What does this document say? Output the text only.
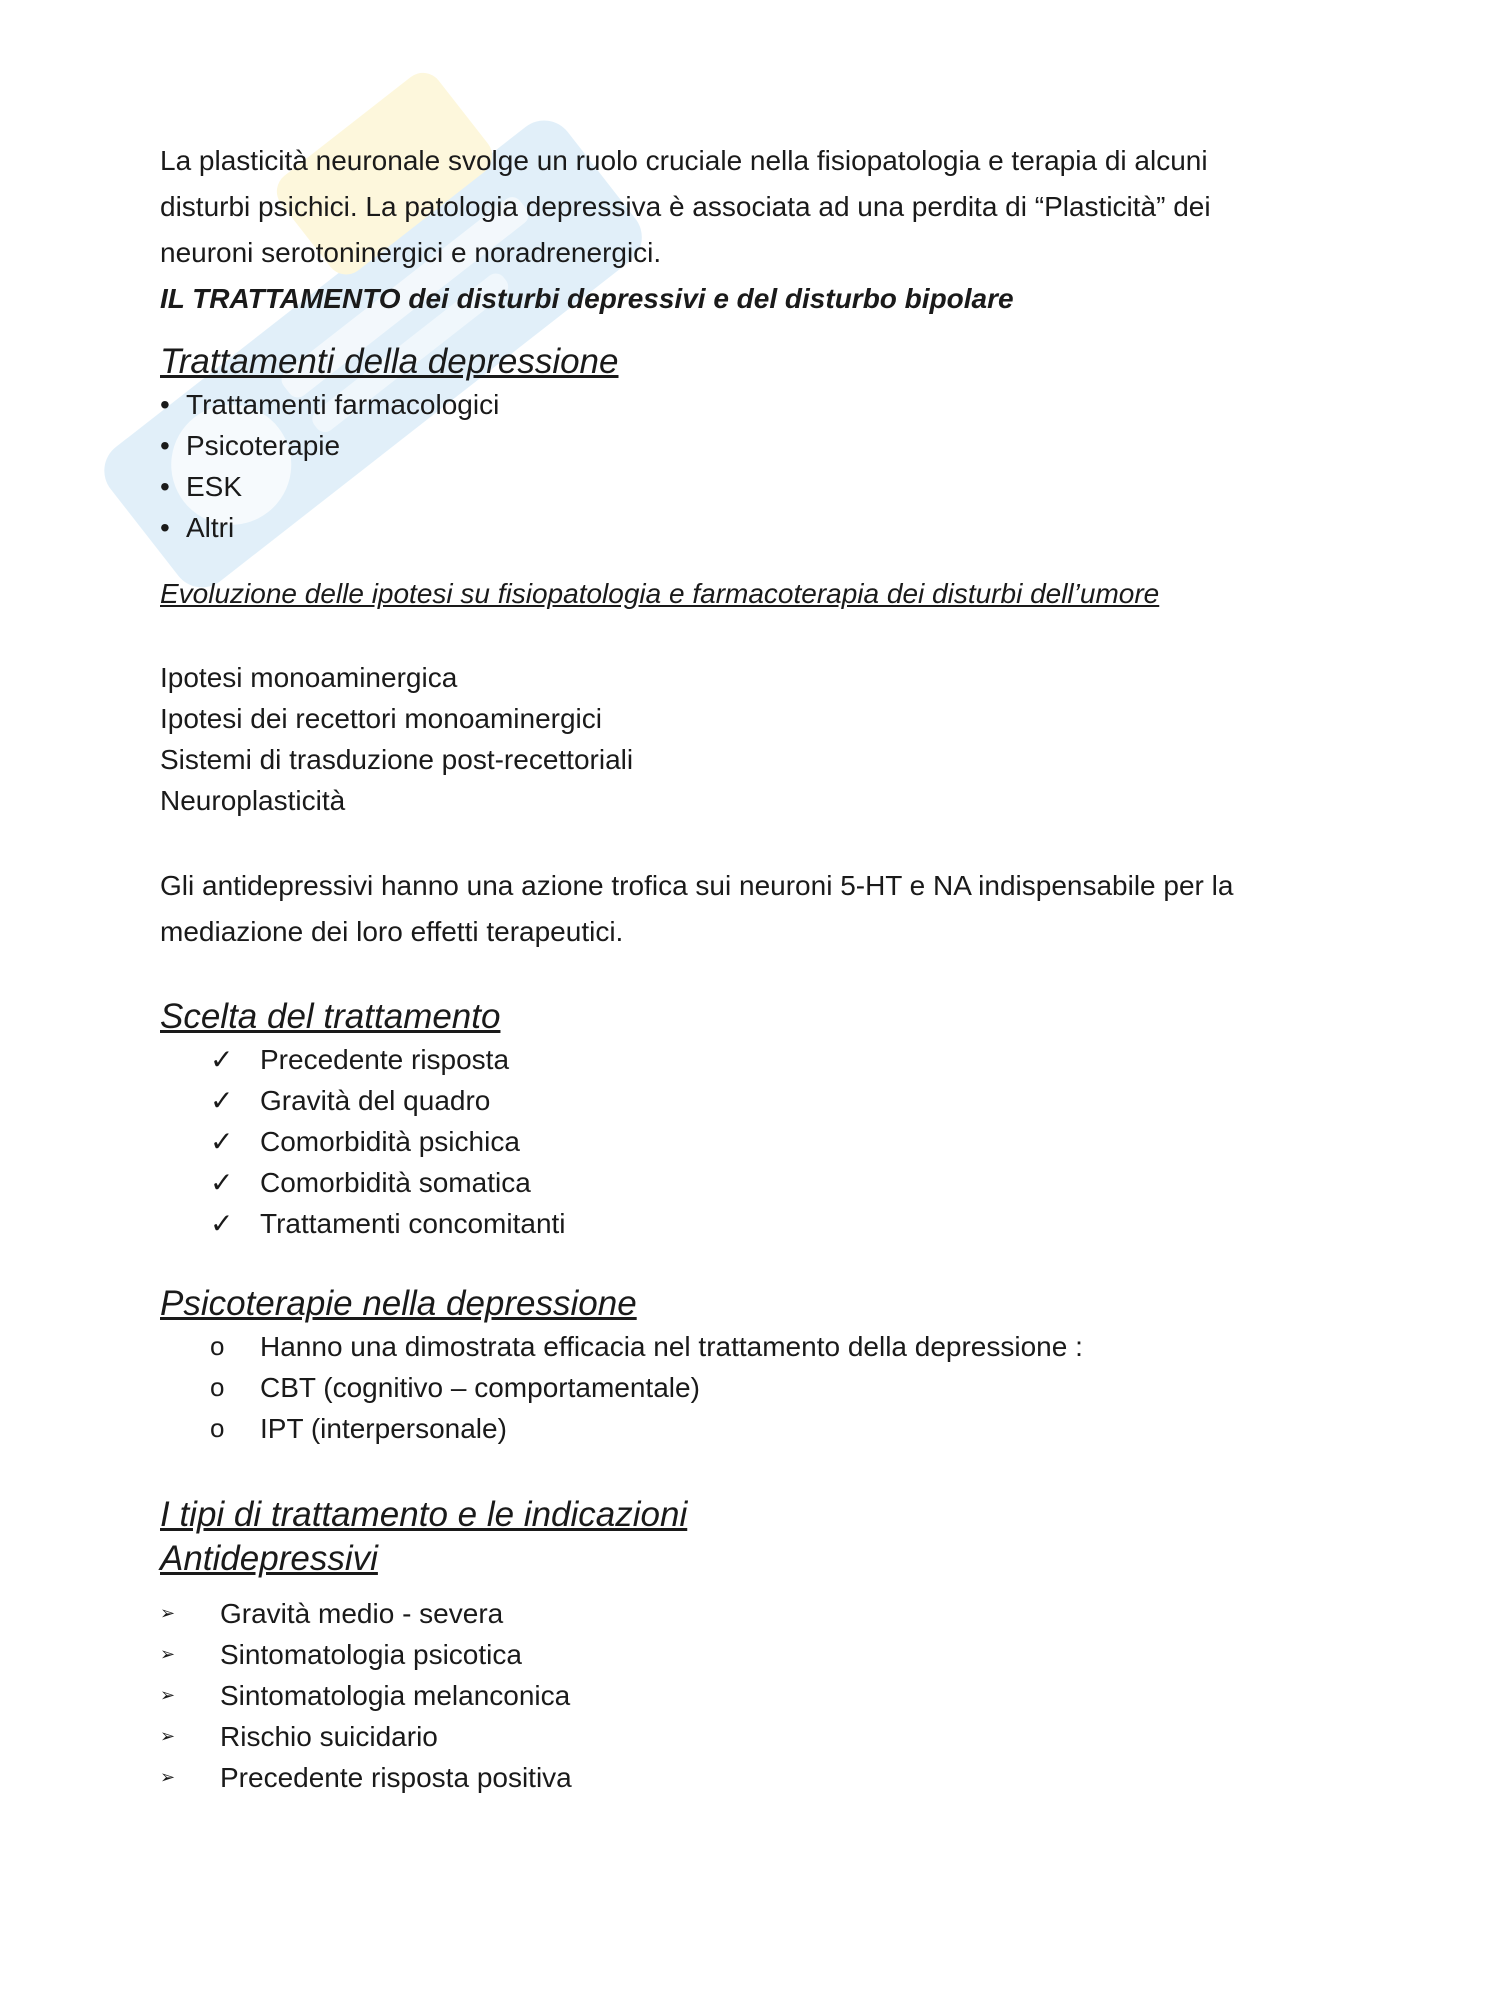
La plasticità neuronale svolge un ruolo cruciale nella fisiopatologia e terapia di alcuni

disturbi psichici. La patologia depressiva è associata ad una perdita di “Plasticità” dei

neuroni serotoninergici e noradrenergici.

IL TRATTAMENTO dei disturbi depressivi e del disturbo bipolare

Trattamenti della depressione

• Trattamenti farmacologici
• Psicoterapie
• ESK
• Altri

Evoluzione delle ipotesi su fisiopatologia e farmacoterapia dei disturbi dell’umore

Ipotesi monoaminergica
Ipotesi dei recettori monoaminergici
Sistemi di trasduzione post-recettoriali
Neuroplasticità

Gli antidepressivi hanno una azione trofica sui neuroni 5-HT e NA indispensabile per la

mediazione dei loro effetti terapeutici.

Scelta del trattamento

✓ Precedente risposta
✓ Gravità del quadro
✓ Comorbidità psichica
✓ Comorbidità somatica
✓ Trattamenti concomitanti

Psicoterapie nella depressione

o	Hanno una dimostrata efficacia nel trattamento della depressione :
o	CBT (cognitivo – comportamentale)
o	IPT (interpersonale)

I tipi di trattamento e le indicazioni

Antidepressivi

➢	Gravità medio - severa
➢	Sintomatologia psicotica
➢	Sintomatologia melanconica
➢	Rischio suicidario
➢	Precedente risposta positiva
